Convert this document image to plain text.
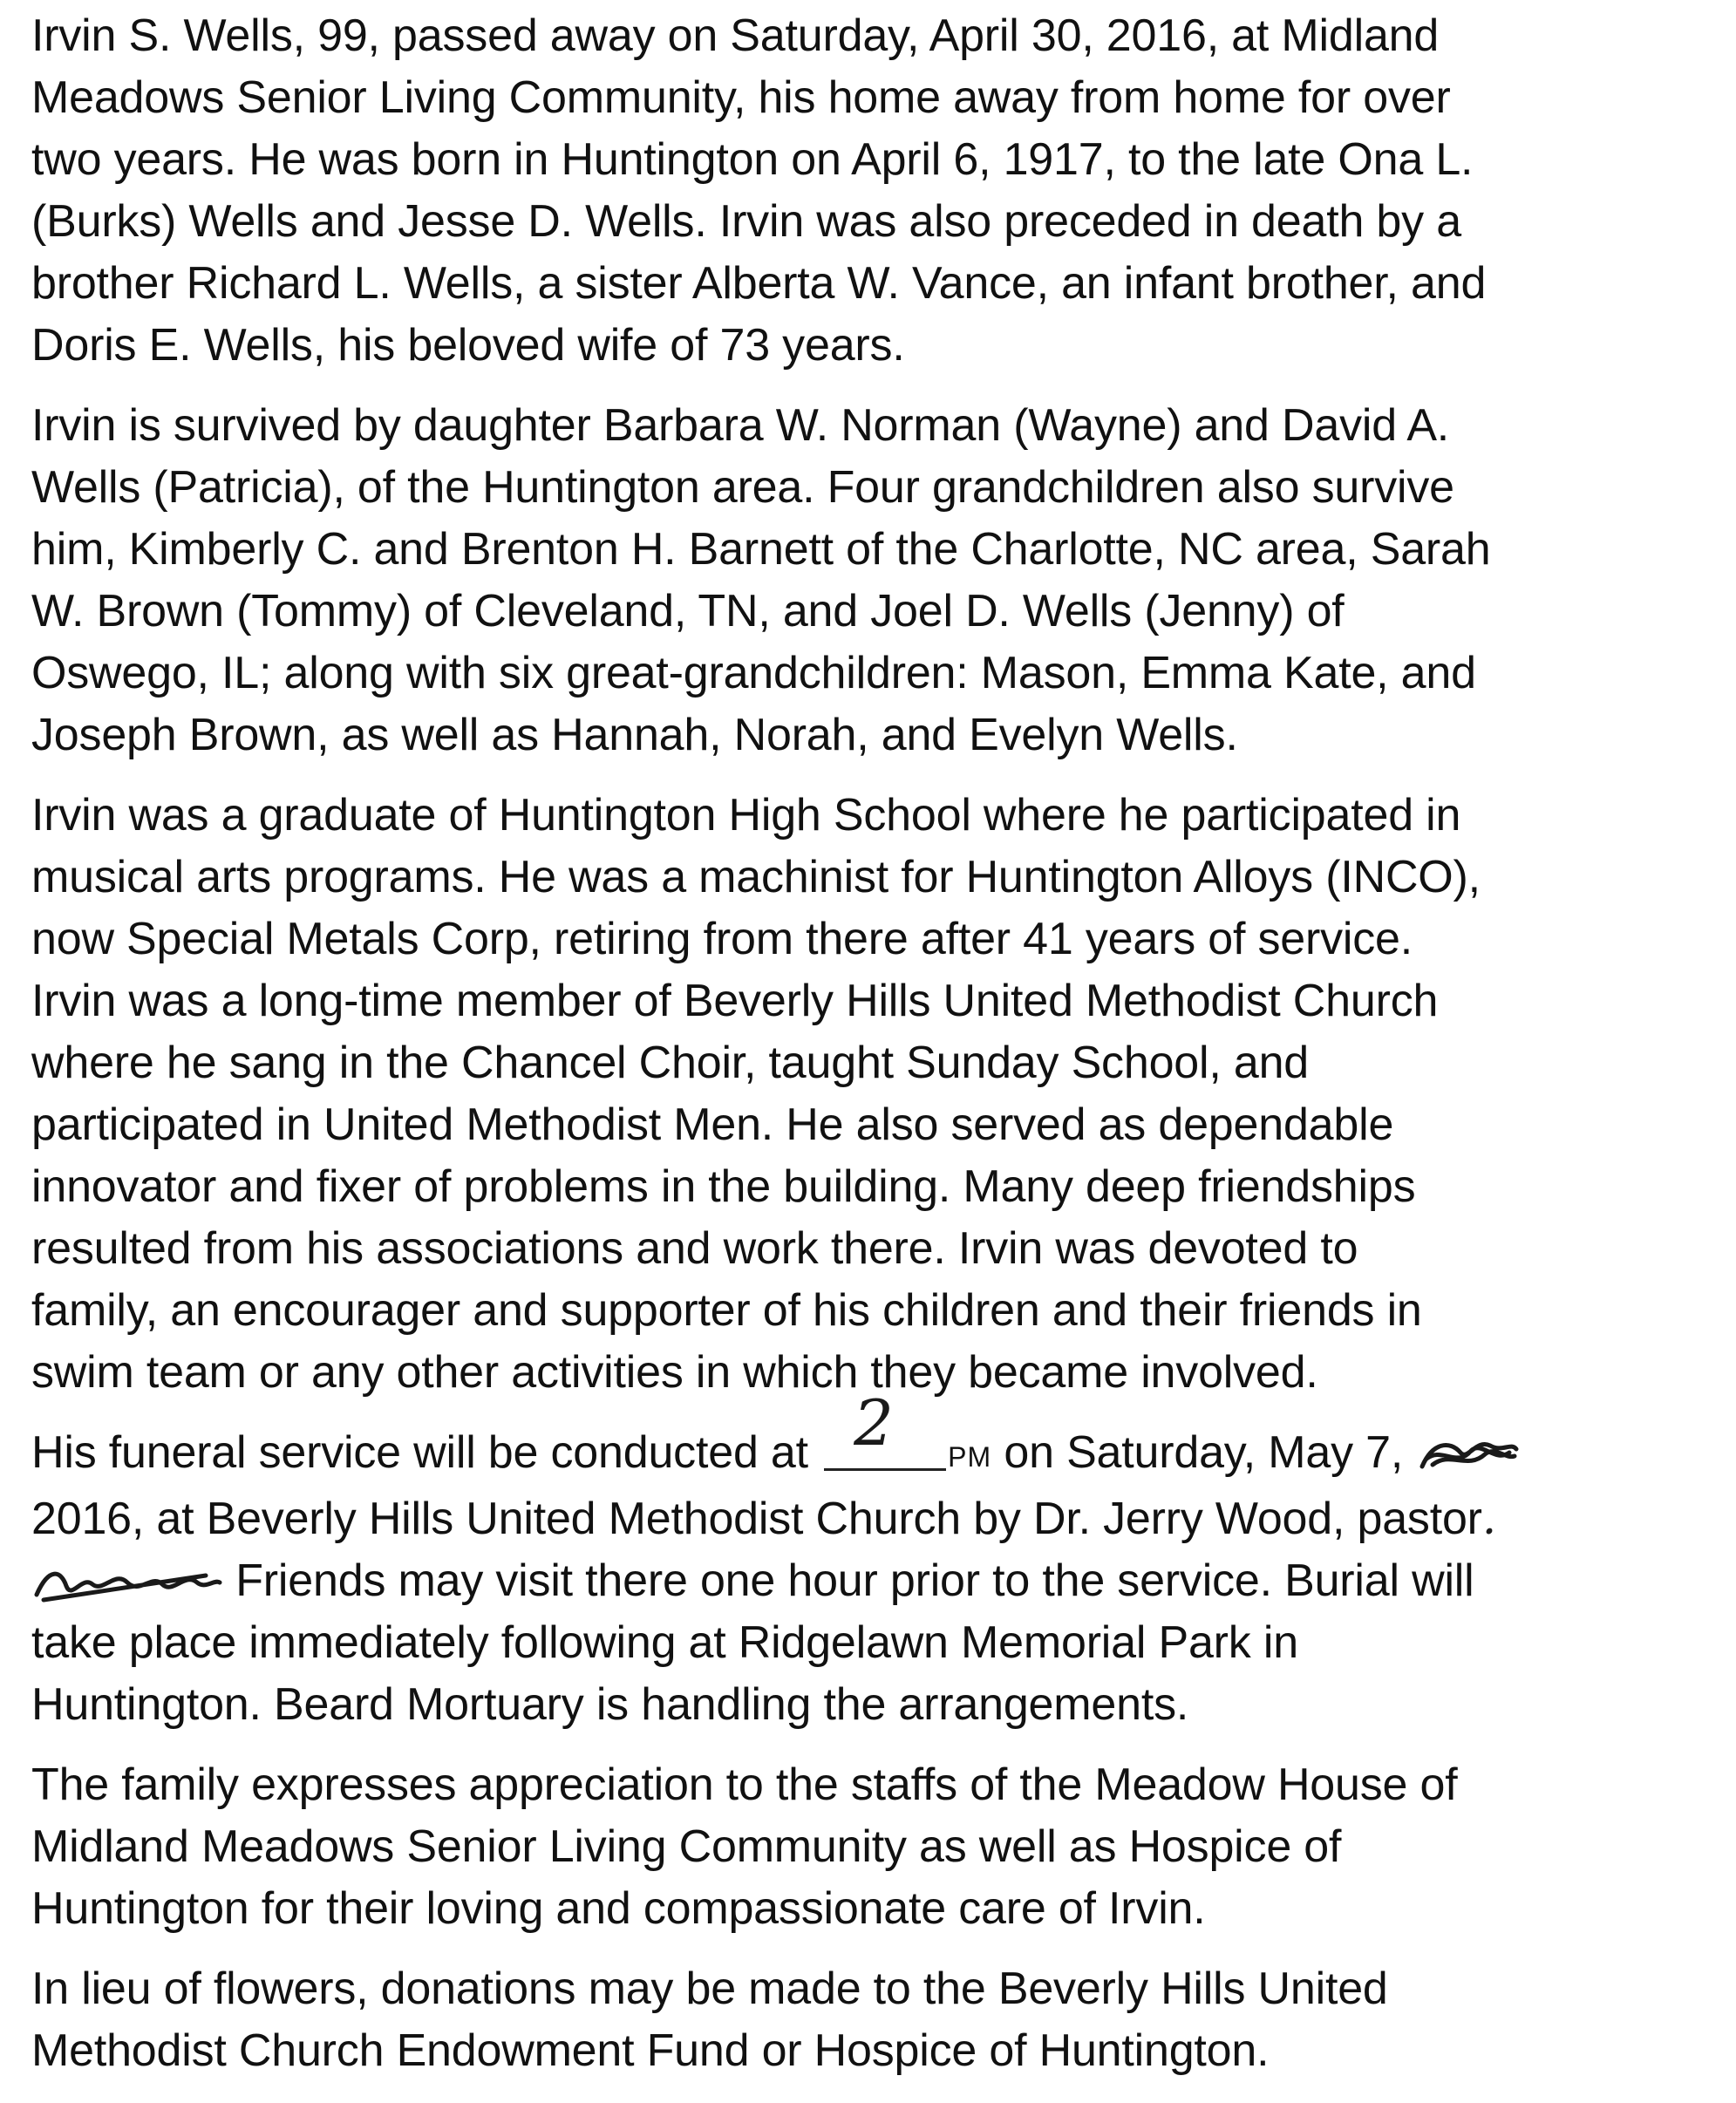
Irvin S. Wells, 99, passed away on Saturday, April 30, 2016, at Midland
Meadows Senior Living Community, his home away from home for over
two years. He was born in Huntington on April 6, 1917, to the late Ona L.
(Burks) Wells and Jesse D. Wells. Irvin was also preceded in death by a
brother Richard L. Wells, a sister Alberta W. Vance, an infant brother, and
Doris E. Wells, his beloved wife of 73 years.
Irvin is survived by daughter Barbara W. Norman (Wayne) and David A.
Wells (Patricia), of the Huntington area. Four grandchildren also survive
him, Kimberly C. and Brenton H. Barnett of the Charlotte, NC area, Sarah
W. Brown (Tommy) of Cleveland, TN, and Joel D. Wells (Jenny) of
Oswego, IL; along with six great-grandchildren: Mason, Emma Kate, and
Joseph Brown, as well as Hannah, Norah, and Evelyn Wells.
Irvin was a graduate of Huntington High School where he participated in
musical arts programs. He was a machinist for Huntington Alloys (INCO),
now Special Metals Corp, retiring from there after 41 years of service.
Irvin was a long-time member of Beverly Hills United Methodist Church
where he sang in the Chancel Choir, taught Sunday School, and
participated in United Methodist Men. He also served as dependable
innovator and fixer of problems in the building. Many deep friendships
resulted from his associations and work there. Irvin was devoted to
family, an encourager and supporter of his children and their friends in
swim team or any other activities in which they became involved.
His funeral service will be conducted at 2 PM on Saturday, May 7,
2016, at Beverly Hills United Methodist Church by Dr. Jerry Wood, pastor.
Friends may visit there one hour prior to the service. Burial will
take place immediately following at Ridgelawn Memorial Park in
Huntington. Beard Mortuary is handling the arrangements.
The family expresses appreciation to the staffs of the Meadow House of
Midland Meadows Senior Living Community as well as Hospice of
Huntington for their loving and compassionate care of Irvin.
In lieu of flowers, donations may be made to the Beverly Hills United
Methodist Church Endowment Fund or Hospice of Huntington.
